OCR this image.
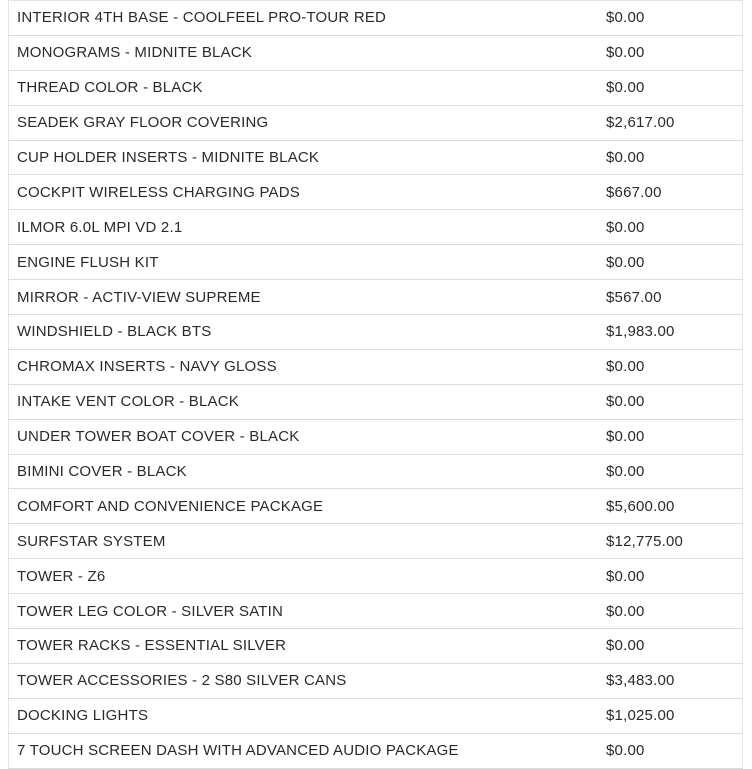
INTERIOR 4TH BASE - COOLFEEL PRO-TOUR RED	$0.00
MONOGRAMS - MIDNITE BLACK	$0.00
THREAD COLOR - BLACK	$0.00
SEADEK GRAY FLOOR COVERING	$2,617.00
CUP HOLDER INSERTS - MIDNITE BLACK	$0.00
COCKPIT WIRELESS CHARGING PADS	$667.00
ILMOR 6.0L MPI VD 2.1	$0.00
ENGINE FLUSH KIT	$0.00
MIRROR - ACTIV-VIEW SUPREME	$567.00
WINDSHIELD - BLACK BTS	$1,983.00
CHROMAX INSERTS - NAVY GLOSS	$0.00
INTAKE VENT COLOR - BLACK	$0.00
UNDER TOWER BOAT COVER - BLACK	$0.00
BIMINI COVER - BLACK	$0.00
COMFORT AND CONVENIENCE PACKAGE	$5,600.00
SURFSTAR SYSTEM	$12,775.00
TOWER - Z6	$0.00
TOWER LEG COLOR - SILVER SATIN	$0.00
TOWER RACKS - ESSENTIAL SILVER	$0.00
TOWER ACCESSORIES - 2 S80 SILVER CANS	$3,483.00
DOCKING LIGHTS	$1,025.00
7 TOUCH SCREEN DASH WITH ADVANCED AUDIO PACKAGE	$0.00
